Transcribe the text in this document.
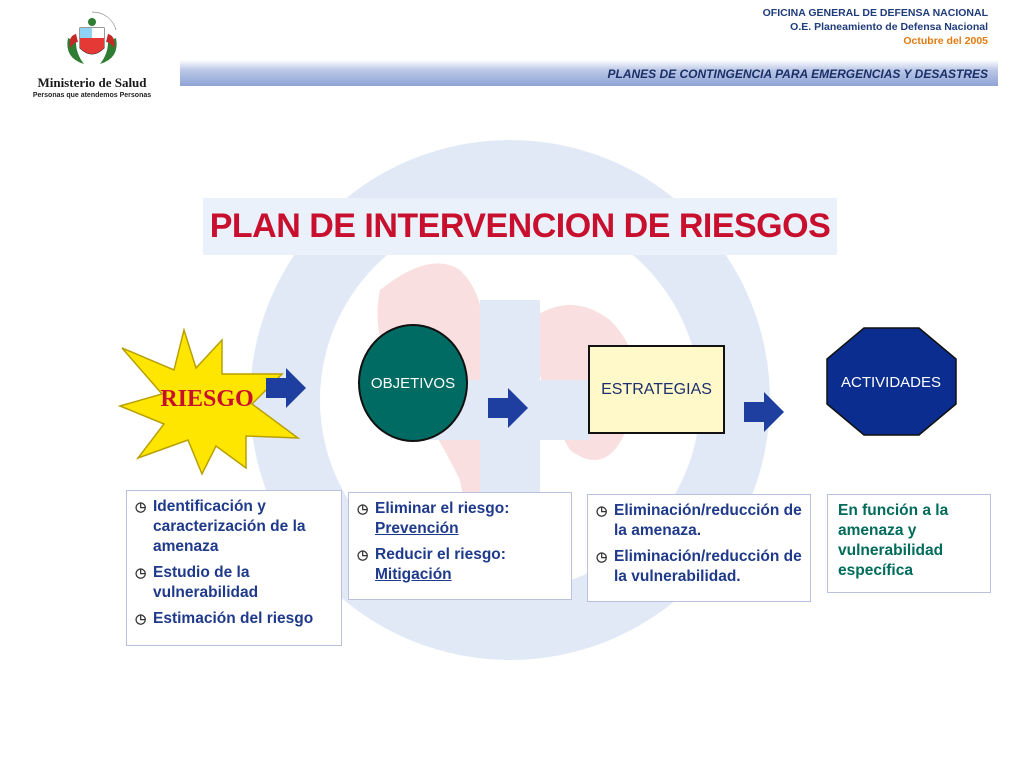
Ministerio de Salud
Personas que atendemos Personas
OFICINA GENERAL DE DEFENSA NACIONAL
O.E. Planeamiento de Defensa Nacional
Octubre del 2005
PLANES DE CONTINGENCIA PARA EMERGENCIAS Y DESASTRES
PLAN DE INTERVENCION DE RIESGOS
RIESGO
OBJETIVOS	ESTRATEGIAS	ACTIVIDADES
◷ Identificación y caracterización de la amenaza
◷ Estudio de la vulnerabilidad
◷ Estimación del riesgo
◷ Eliminar el riesgo:
Prevención
◷ Reducir el riesgo:
Mitigación
◷ Eliminación/reducción de la amenaza.
◷ Eliminación/reducción de la vulnerabilidad.
En función a la amenaza y vulnerabilidad específica
